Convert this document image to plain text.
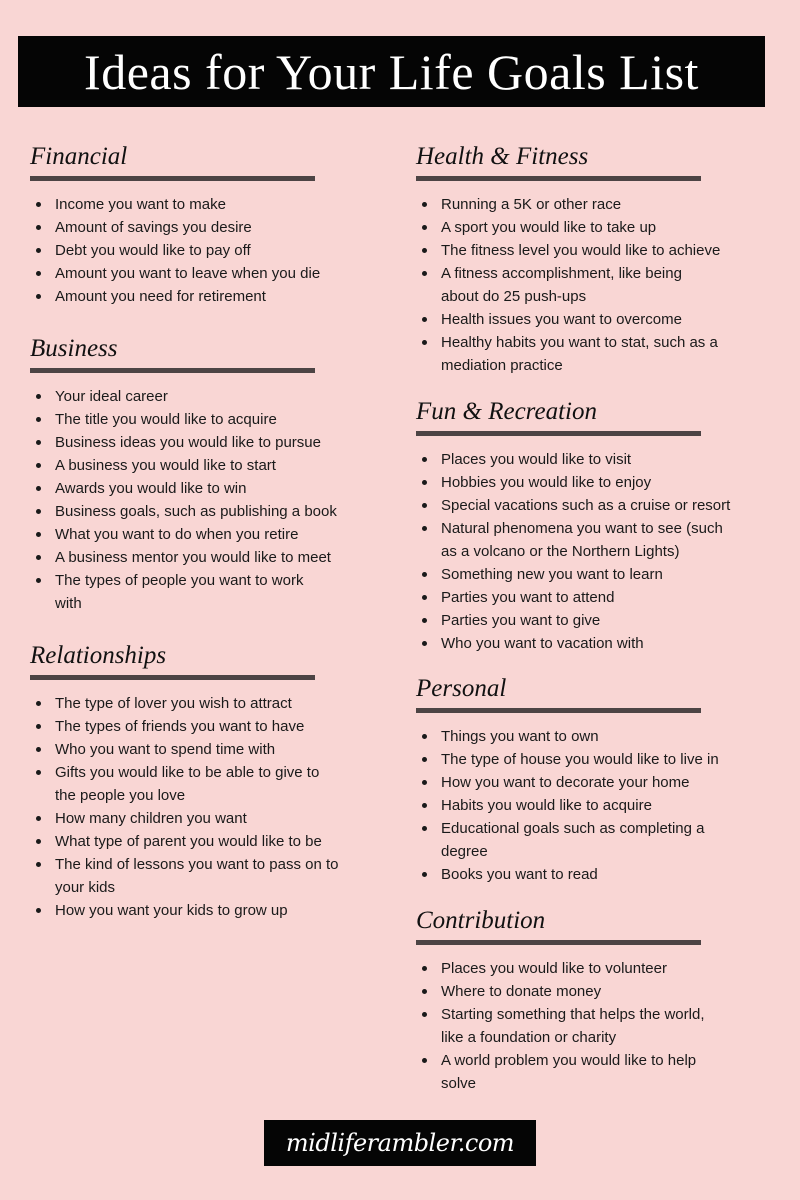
Ideas for Your Life Goals List
Financial
Income you want to make
Amount of savings you desire
Debt you would like to pay off
Amount you want to leave when you die
Amount you need for retirement
Business
Your ideal career
The title you would like to acquire
Business ideas you would like to pursue
A business you would like to start
Awards you would like to win
Business goals, such as publishing a book
What you want to do when you retire
A business mentor you would like to meet
The types of people you want to work
with
Relationships
The type of lover you wish to attract
The types of friends you want to have
Who you want to spend time with
Gifts you would like to be able to give to
the people you love
How many children you want
What type of parent you would like to be
The kind of lessons you want to pass on to
your kids
How you want your kids to grow up
Health & Fitness
Running a 5K or other race
A sport you would like to take up
The fitness level you would like to achieve
A fitness accomplishment, like being
about do 25 push-ups
Health issues you want to overcome
Healthy habits you want to stat, such as a
mediation practice
Fun & Recreation
Places you would like to visit
Hobbies you would like to enjoy
Special vacations such as a cruise or resort
Natural phenomena you want to see (such
as a volcano or the Northern Lights)
Something new you want to learn
Parties you want to attend
Parties you want to give
Who you want to vacation with
Personal
Things you want to own
The type of house you would like to live in
How you want to decorate your home
Habits you would like to acquire
Educational goals such as completing a
degree
Books you want to read
Contribution
Places you would like to volunteer
Where to donate money
Starting something that helps the world,
like a foundation or charity
A world problem you would like to help
solve
midliferambler.com
